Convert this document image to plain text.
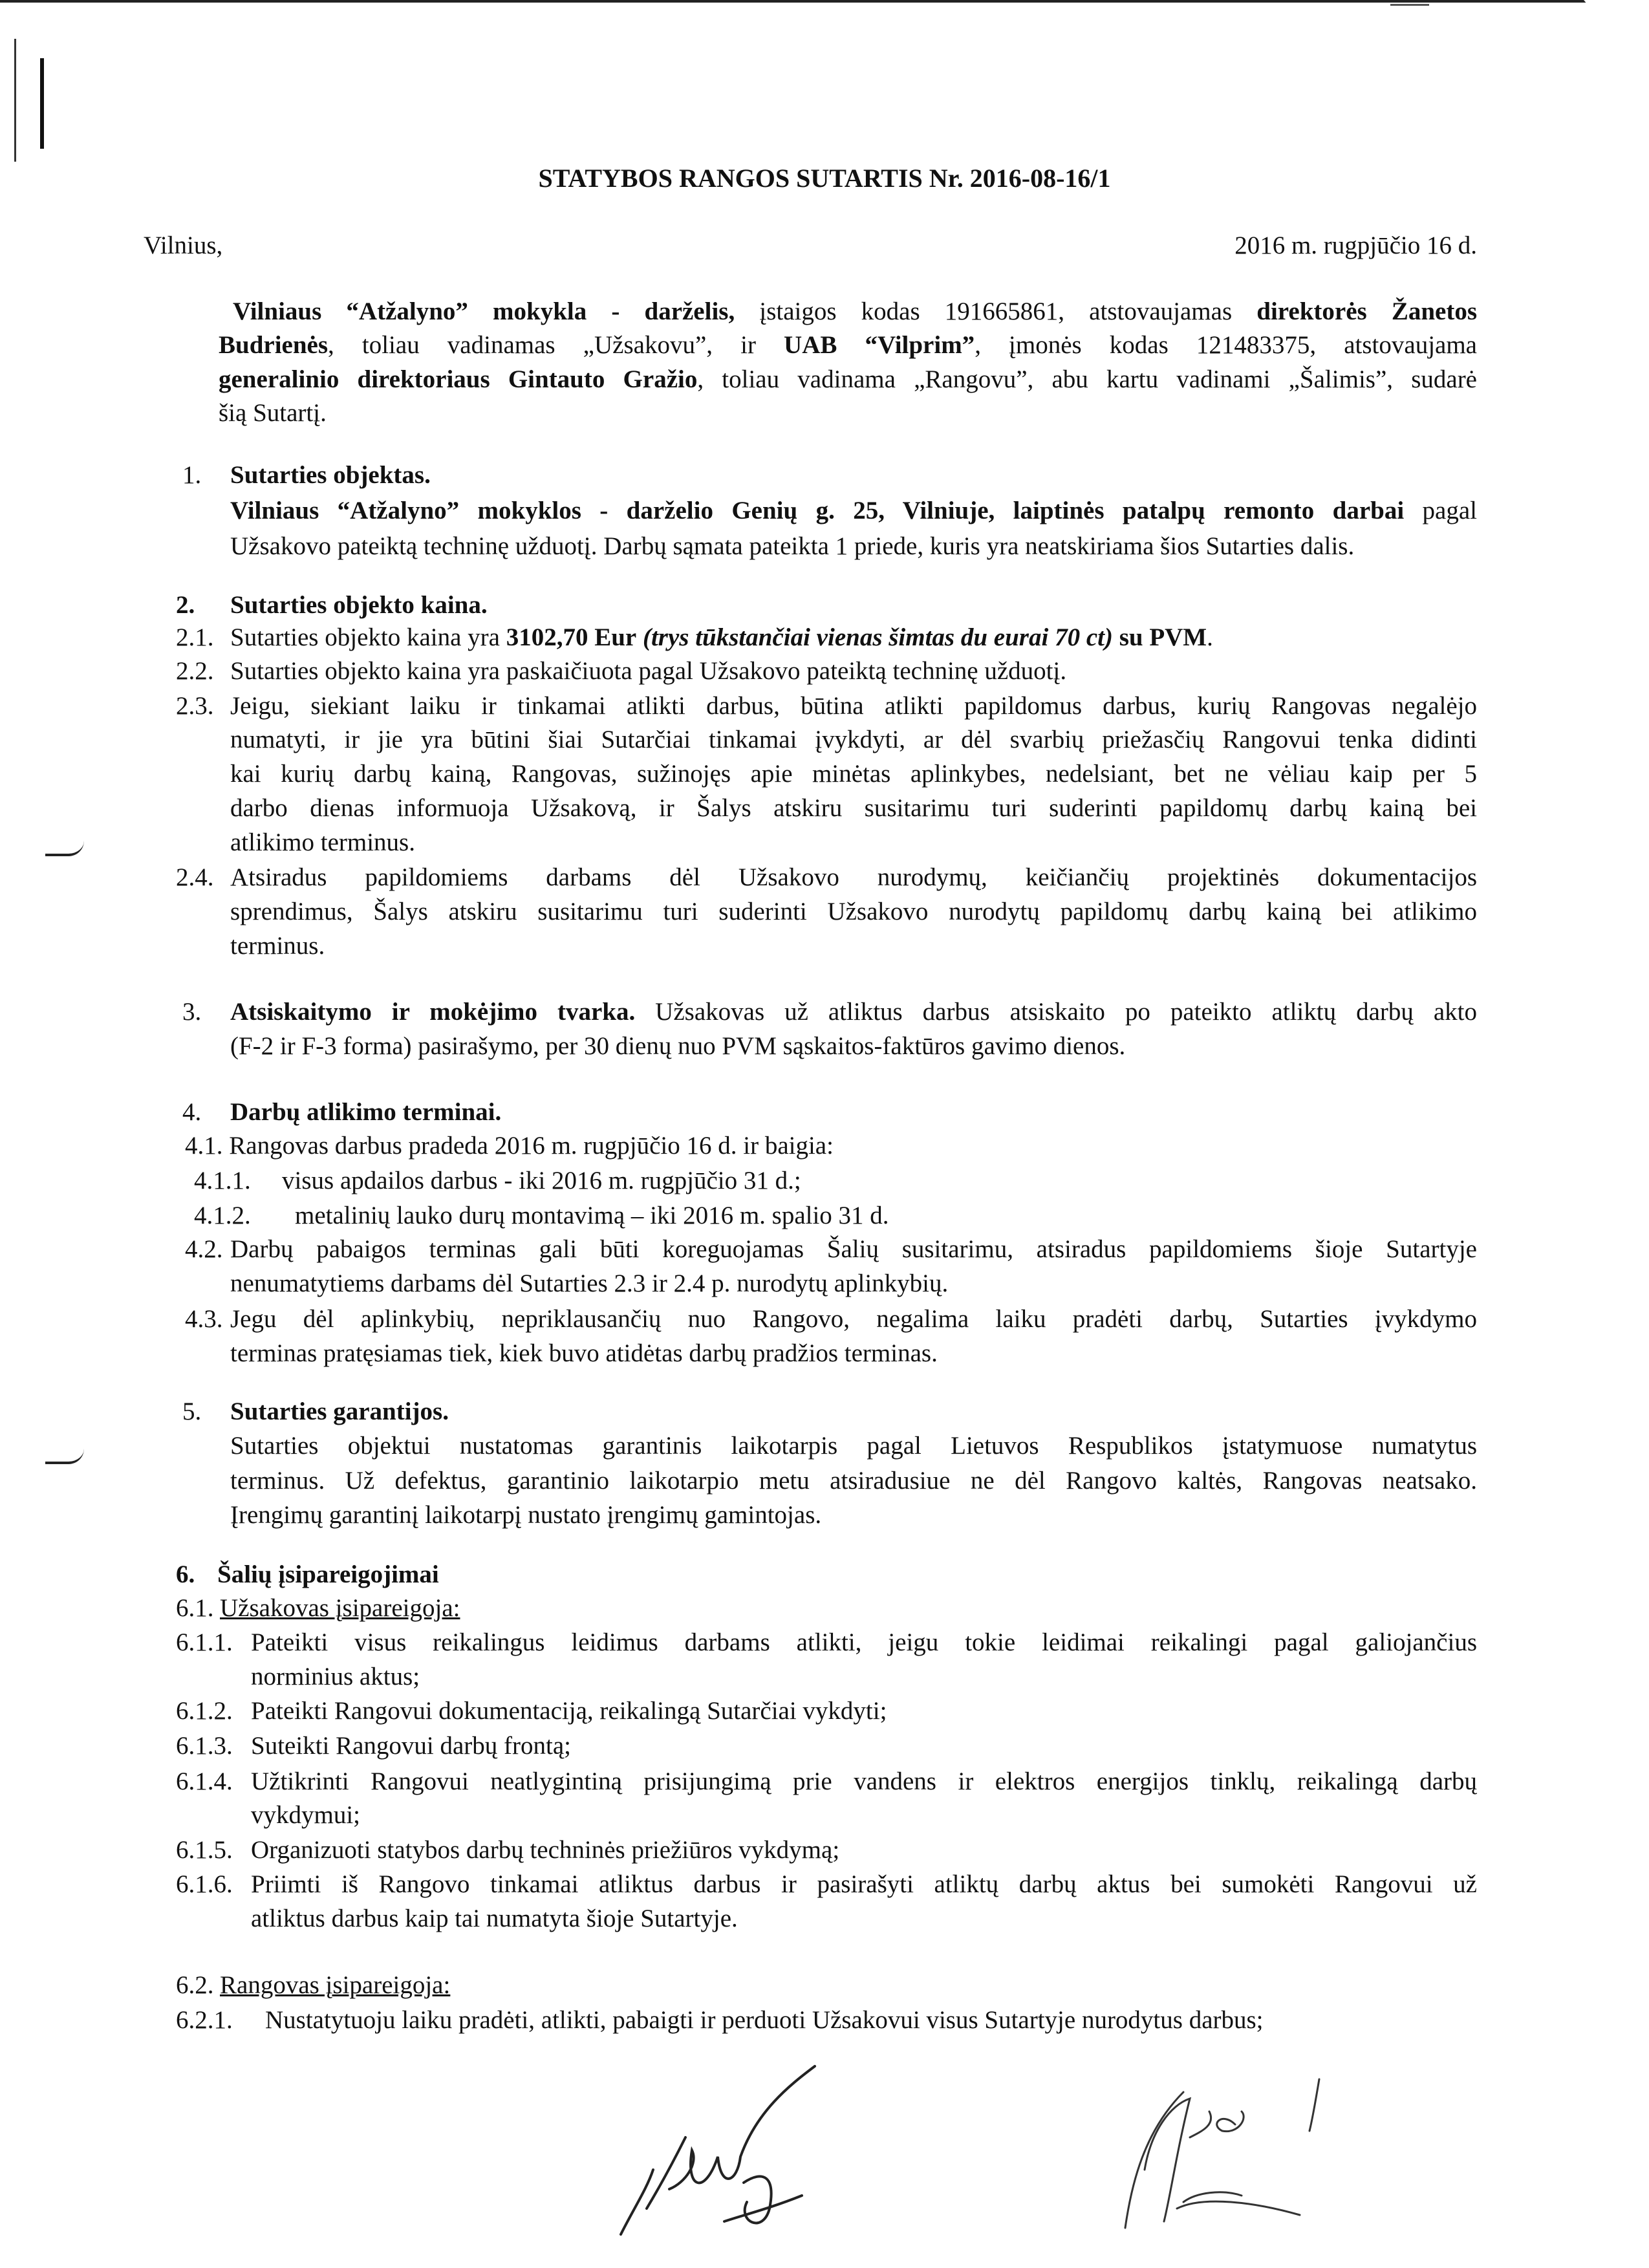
STATYBOS RANGOS SUTARTIS Nr. 2016-08-16/1
Vilnius,	2016 m. rugpjūčio 16 d.
Vilniaus “Atžalyno” mokykla - darželis, įstaigos kodas 191665861, atstovaujamas direktorės Žanetos
Budrienės, toliau vadinamas „Užsakovu”, ir UAB “Vilprim”, įmonės kodas 121483375, atstovaujama
generalinio direktoriaus Gintauto Gražio, toliau vadinama „Rangovu”, abu kartu vadinami „Šalimis”, sudarė
šią Sutartį.
1. Sutarties objektas.
Vilniaus “Atžalyno” mokyklos - darželio Genių g. 25, Vilniuje, laiptinės patalpų remonto darbai pagal
Užsakovo pateiktą techninę užduotį. Darbų sąmata pateikta 1 priede, kuris yra neatskiriama šios Sutarties dalis.
2. Sutarties objekto kaina.
2.1. Sutarties objekto kaina yra 3102,70 Eur (trys tūkstančiai vienas šimtas du eurai 70 ct) su PVM.
2.2. Sutarties objekto kaina yra paskaičiuota pagal Užsakovo pateiktą techninę užduotį.
2.3. Jeigu, siekiant laiku ir tinkamai atlikti darbus, būtina atlikti papildomus darbus, kurių Rangovas negalėjo
numatyti, ir jie yra būtini šiai Sutarčiai tinkamai įvykdyti, ar dėl svarbių priežasčių Rangovui tenka didinti
kai kurių darbų kainą, Rangovas, sužinojęs apie minėtas aplinkybes, nedelsiant, bet ne vėliau kaip per 5
darbo dienas informuoja Užsakovą, ir Šalys atskiru susitarimu turi suderinti papildomų darbų kainą bei
atlikimo terminus.
2.4. Atsiradus papildomiems darbams dėl Užsakovo nurodymų, keičiančių projektinės dokumentacijos
sprendimus, Šalys atskiru susitarimu turi suderinti Užsakovo nurodytų papildomų darbų kainą bei atlikimo
terminus.
3. Atsiskaitymo ir mokėjimo tvarka. Užsakovas už atliktus darbus atsiskaito po pateikto atliktų darbų akto
(F-2 ir F-3 forma) pasirašymo, per 30 dienų nuo PVM sąskaitos-faktūros gavimo dienos.
4. Darbų atlikimo terminai.
4.1. Rangovas darbus pradeda 2016 m. rugpjūčio 16 d. ir baigia:
4.1.1. visus apdailos darbus - iki 2016 m. rugpjūčio 31 d.;
4.1.2. metalinių lauko durų montavimą – iki 2016 m. spalio 31 d.
4.2. Darbų pabaigos terminas gali būti koreguojamas Šalių susitarimu, atsiradus papildomiems šioje Sutartyje
nenumatytiems darbams dėl Sutarties 2.3 ir 2.4 p. nurodytų aplinkybių.
4.3. Jegu dėl aplinkybių, nepriklausančių nuo Rangovo, negalima laiku pradėti darbų, Sutarties įvykdymo
terminas pratęsiamas tiek, kiek buvo atidėtas darbų pradžios terminas.
5. Sutarties garantijos.
Sutarties objektui nustatomas garantinis laikotarpis pagal Lietuvos Respublikos įstatymuose numatytus
terminus. Už defektus, garantinio laikotarpio metu atsiradusiue ne dėl Rangovo kaltės, Rangovas neatsako.
Įrengimų garantinį laikotarpį nustato įrengimų gamintojas.
6. Šalių įsipareigojimai
6.1. Užsakovas įsipareigoja:
6.1.1. Pateikti visus reikalingus leidimus darbams atlikti, jeigu tokie leidimai reikalingi pagal galiojančius
norminius aktus;
6.1.2. Pateikti Rangovui dokumentaciją, reikalingą Sutarčiai vykdyti;
6.1.3. Suteikti Rangovui darbų frontą;
6.1.4. Užtikrinti Rangovui neatlygintiną prisijungimą prie vandens ir elektros energijos tinklų, reikalingą darbų
vykdymui;
6.1.5. Organizuoti statybos darbų techninės priežiūros vykdymą;
6.1.6. Priimti iš Rangovo tinkamai atliktus darbus ir pasirašyti atliktų darbų aktus bei sumokėti Rangovui už
atliktus darbus kaip tai numatyta šioje Sutartyje.
6.2. Rangovas įsipareigoja:
6.2.1. Nustatytuoju laiku pradėti, atlikti, pabaigti ir perduoti Užsakovui visus Sutartyje nurodytus darbus;
